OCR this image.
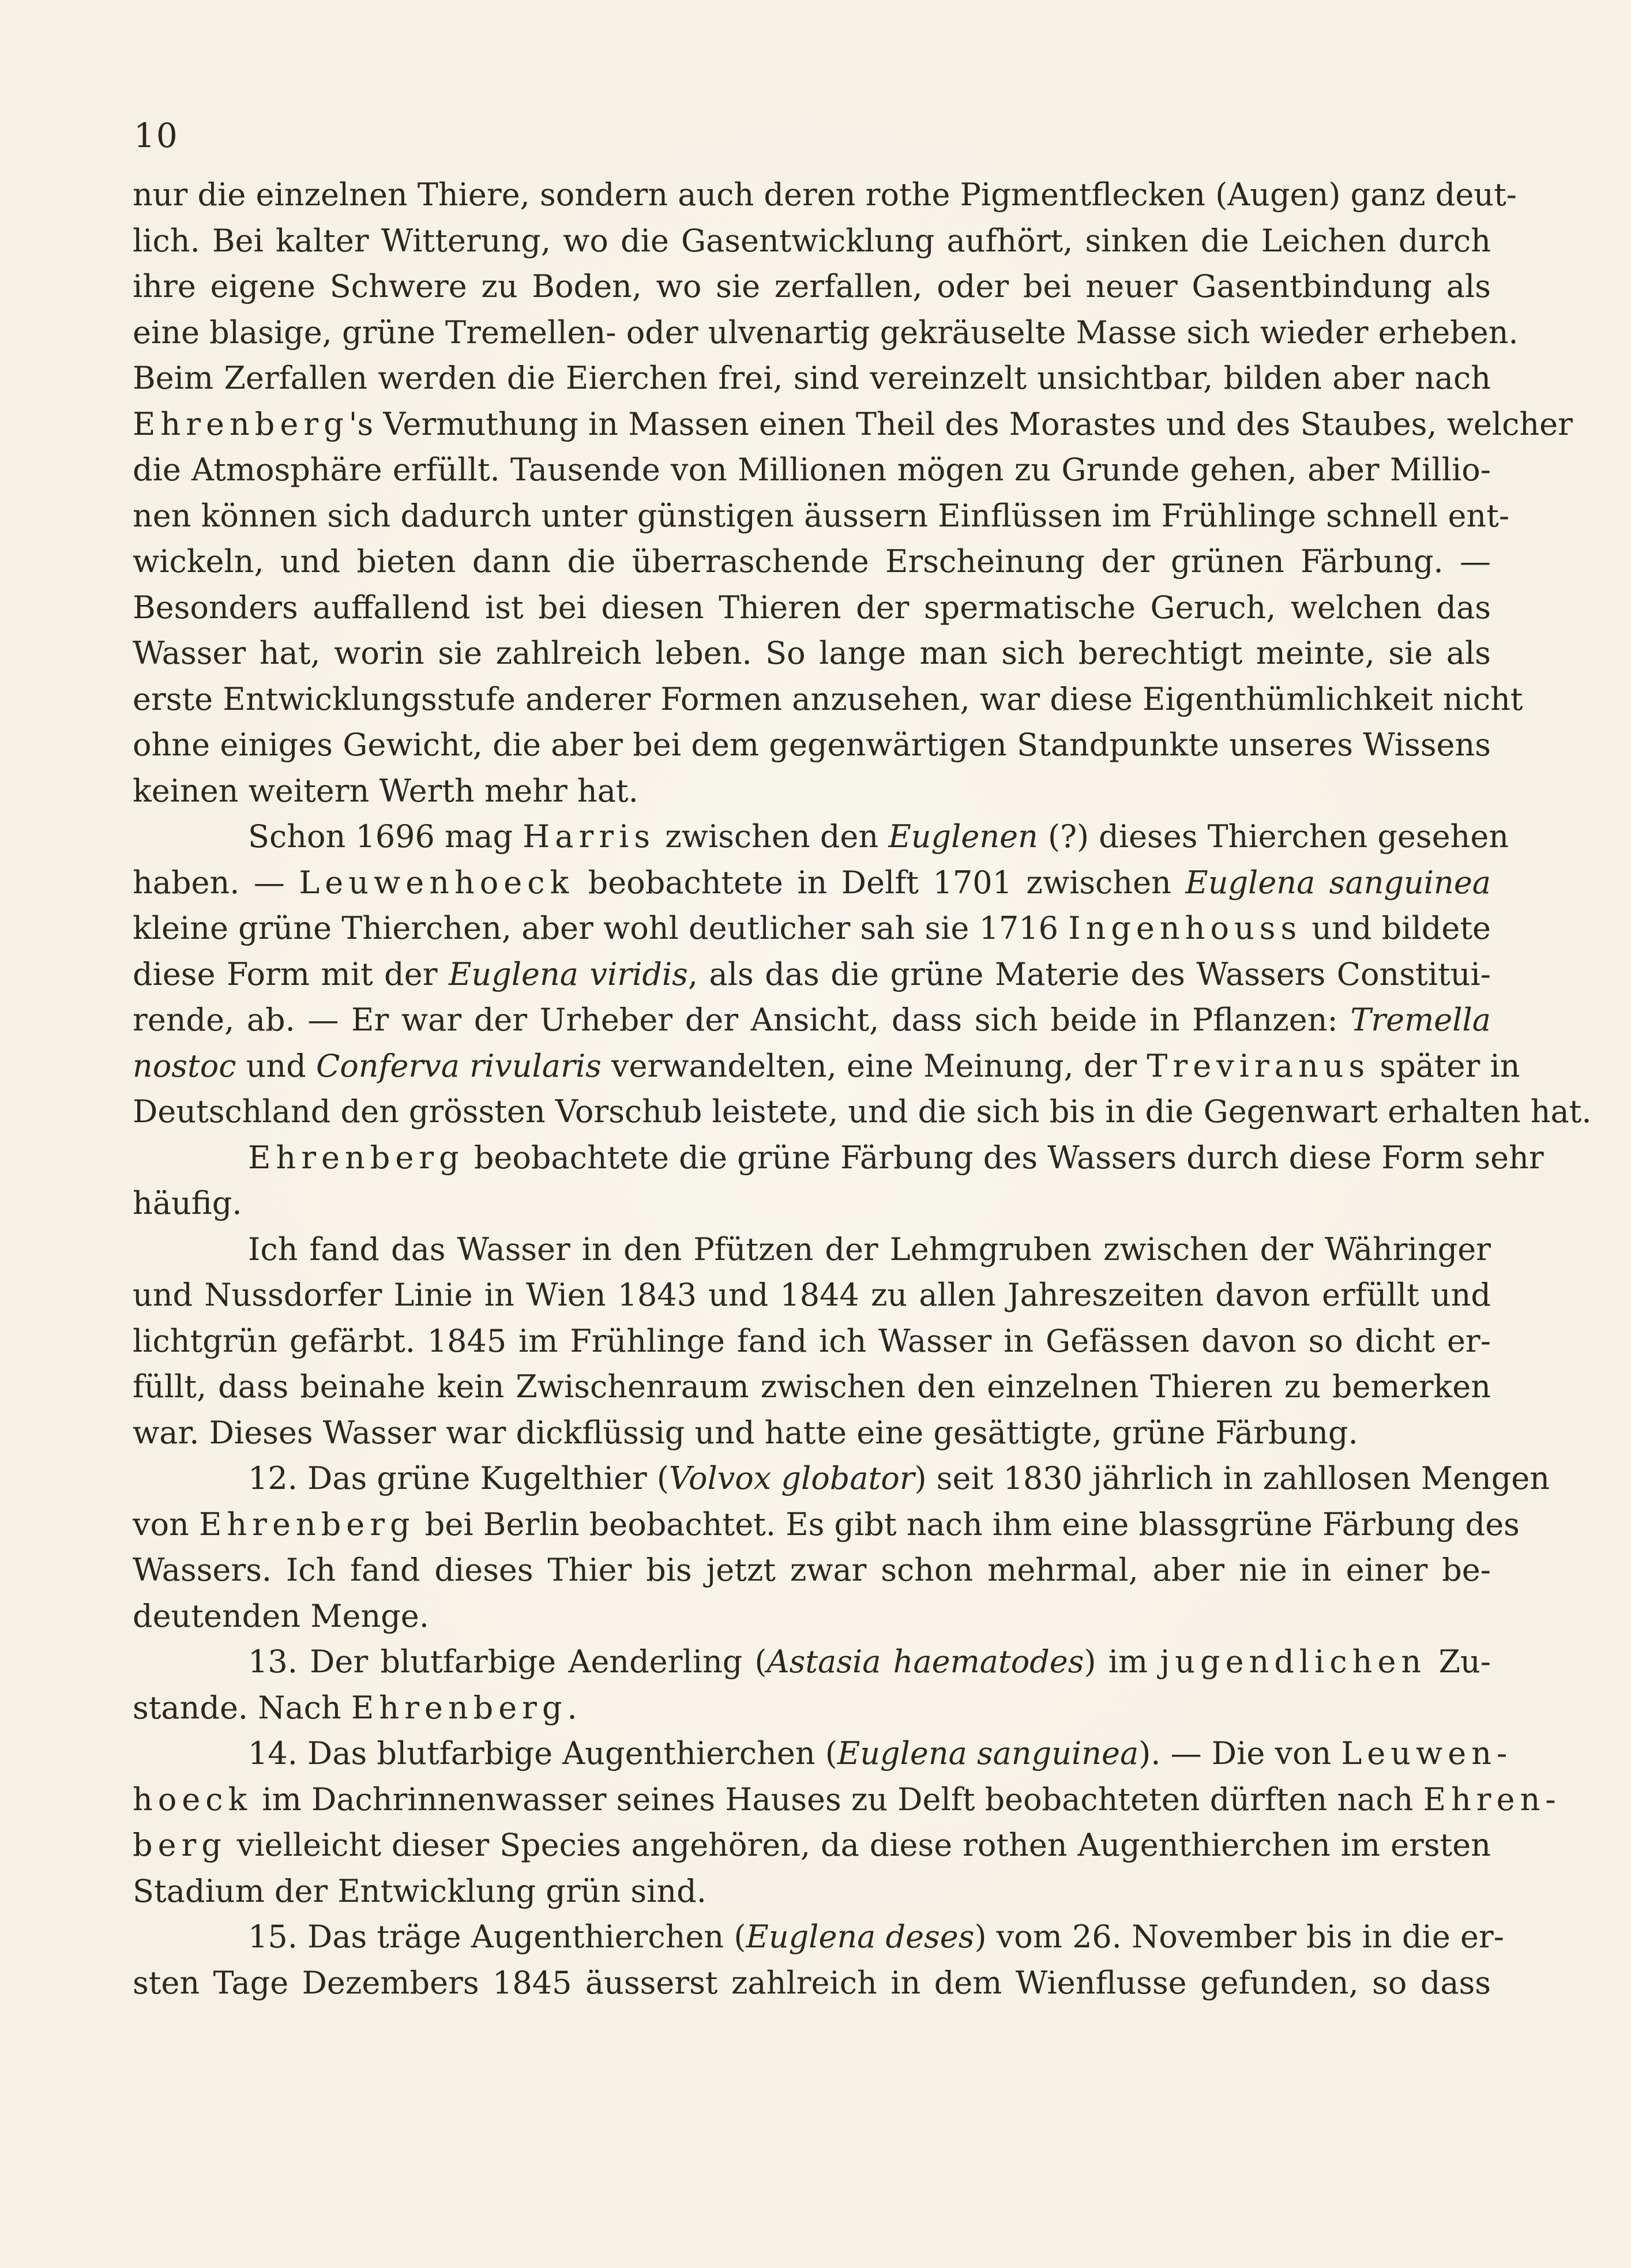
10
nur die einzelnen Thiere, sondern auch deren rothe Pigmentflecken (Augen) ganz deut-
lich. Bei kalter Witterung, wo die Gasentwicklung aufhört, sinken die Leichen durch
ihre eigene Schwere zu Boden, wo sie zerfallen, oder bei neuer Gasentbindung als
eine blasige, grüne Tremellen- oder ulvenartig gekräuselte Masse sich wieder erheben.
Beim Zerfallen werden die Eierchen frei, sind vereinzelt unsichtbar, bilden aber nach
Ehrenberg's Vermuthung in Massen einen Theil des Morastes und des Staubes, welcher
die Atmosphäre erfüllt. Tausende von Millionen mögen zu Grunde gehen, aber Millio-
nen können sich dadurch unter günstigen äussern Einflüssen im Frühlinge schnell ent-
wickeln, und bieten dann die überraschende Erscheinung der grünen Färbung. —
Besonders auffallend ist bei diesen Thieren der spermatische Geruch, welchen das
Wasser hat, worin sie zahlreich leben. So lange man sich berechtigt meinte, sie als
erste Entwicklungsstufe anderer Formen anzusehen, war diese Eigenthümlichkeit nicht
ohne einiges Gewicht, die aber bei dem gegenwärtigen Standpunkte unseres Wissens
keinen weitern Werth mehr hat.
Schon 1696 mag Harris zwischen den Euglenen (?) dieses Thierchen gesehen
haben. — Leuwenhoeck beobachtete in Delft 1701 zwischen Euglena sanguinea
kleine grüne Thierchen, aber wohl deutlicher sah sie 1716 Ingenhouss und bildete
diese Form mit der Euglena viridis, als das die grüne Materie des Wassers Constitui-
rende, ab. — Er war der Urheber der Ansicht, dass sich beide in Pflanzen: Tremella
nostoc und Conferva rivularis verwandelten, eine Meinung, der Treviranus später in
Deutschland den grössten Vorschub leistete, und die sich bis in die Gegenwart erhalten hat.
Ehrenberg beobachtete die grüne Färbung des Wassers durch diese Form sehr
häufig.
Ich fand das Wasser in den Pfützen der Lehmgruben zwischen der Währinger
und Nussdorfer Linie in Wien 1843 und 1844 zu allen Jahreszeiten davon erfüllt und
lichtgrün gefärbt. 1845 im Frühlinge fand ich Wasser in Gefässen davon so dicht er-
füllt, dass beinahe kein Zwischenraum zwischen den einzelnen Thieren zu bemerken
war. Dieses Wasser war dickflüssig und hatte eine gesättigte, grüne Färbung.
12. Das grüne Kugelthier (Volvox globator) seit 1830 jährlich in zahllosen Mengen
von Ehrenberg bei Berlin beobachtet. Es gibt nach ihm eine blassgrüne Färbung des
Wassers. Ich fand dieses Thier bis jetzt zwar schon mehrmal, aber nie in einer be-
deutenden Menge.
13. Der blutfarbige Aenderling (Astasia haematodes) im jugendlichen Zu-
stande. Nach Ehrenberg.
14. Das blutfarbige Augenthierchen (Euglena sanguinea). — Die von Leuwen-
hoeck im Dachrinnenwasser seines Hauses zu Delft beobachteten dürften nach Ehren-
berg vielleicht dieser Species angehören, da diese rothen Augenthierchen im ersten
Stadium der Entwicklung grün sind.
15. Das träge Augenthierchen (Euglena deses) vom 26. November bis in die er-
sten Tage Dezembers 1845 äusserst zahlreich in dem Wienflusse gefunden, so dass
